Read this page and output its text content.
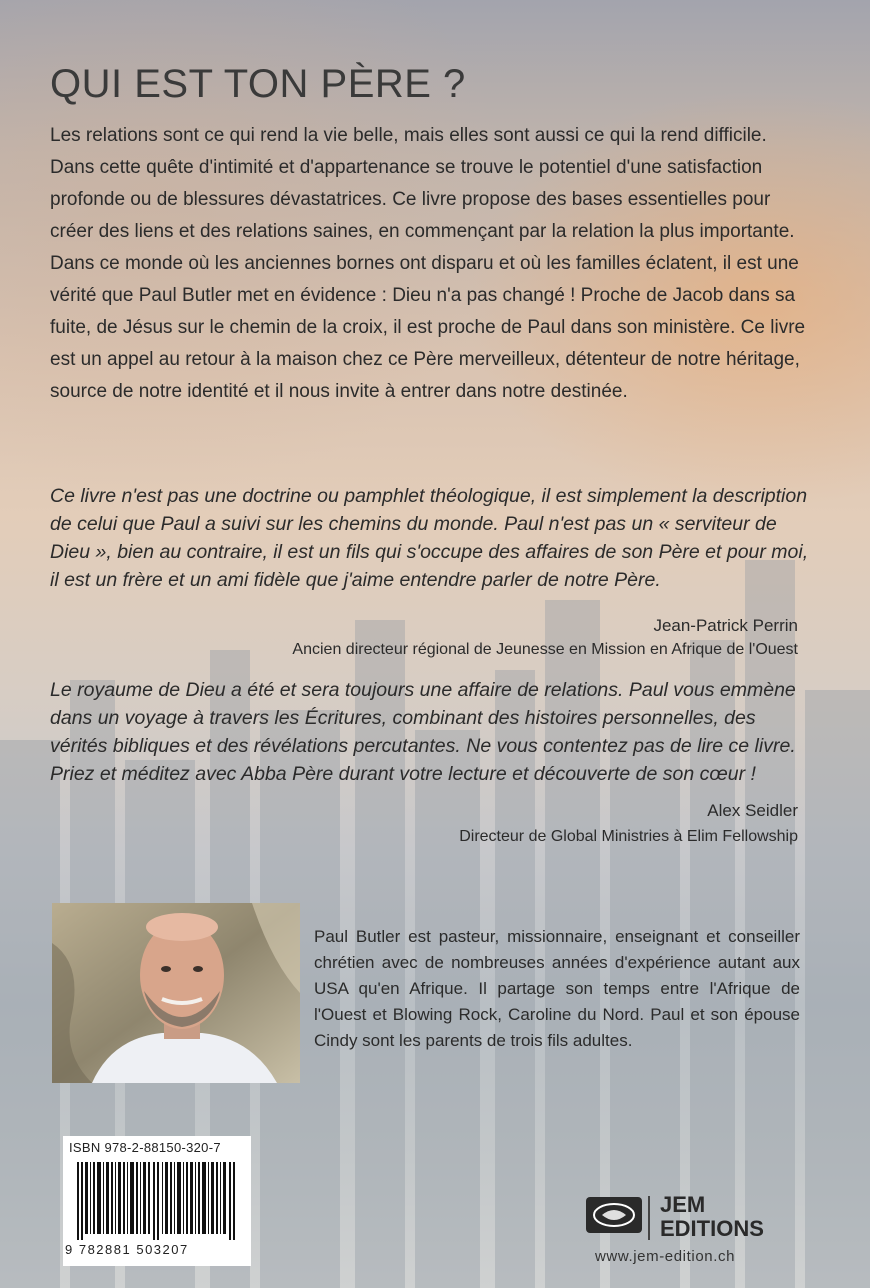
QUI EST TON PÈRE ?

Les relations sont ce qui rend la vie belle, mais elles sont aussi ce qui la rend difficile. Dans cette quête d'intimité et d'appartenance se trouve le potentiel d'une satisfaction profonde ou de blessures dévastatrices. Ce livre propose des bases essentielles pour créer des liens et des relations saines, en commençant par la relation la plus importante. Dans ce monde où les anciennes bornes ont disparu et où les familles éclatent, il est une vérité que Paul Butler met en évidence : Dieu n'a pas changé ! Proche de Jacob dans sa fuite, de Jésus sur le chemin de la croix, il est proche de Paul dans son ministère. Ce livre est un appel au retour à la maison chez ce Père merveilleux, détenteur de notre héritage, source de notre identité et il nous invite à entrer dans notre destinée.

Ce livre n'est pas une doctrine ou pamphlet théologique, il est simplement la description de celui que Paul a suivi sur les chemins du monde. Paul n'est pas un « serviteur de Dieu », bien au contraire, il est un fils qui s'occupe des affaires de son Père et pour moi, il est un frère et un ami fidèle que j'aime entendre parler de notre Père.

Jean-Patrick Perrin
Ancien directeur régional de Jeunesse en Mission en Afrique de l'Ouest

Le royaume de Dieu a été et sera toujours une affaire de relations. Paul vous emmène dans un voyage à travers les Écritures, combinant des histoires personnelles, des vérités bibliques et des révélations percutantes. Ne vous contentez pas de lire ce livre. Priez et méditez avec Abba Père durant votre lecture et découverte de son cœur !

Alex Seidler
Directeur de Global Ministries à Elim Fellowship

Paul Butler est pasteur, missionnaire, enseignant et conseiller chrétien avec de nombreuses années d'expérience autant aux USA qu'en Afrique. Il partage son temps entre l'Afrique de l'Ouest et Blowing Rock, Caroline du Nord. Paul et son épouse Cindy sont les parents de trois fils adultes.

ISBN 978-2-88150-320-7
9 782881 503207
JEM
EDITIONS
www.jem-edition.ch
